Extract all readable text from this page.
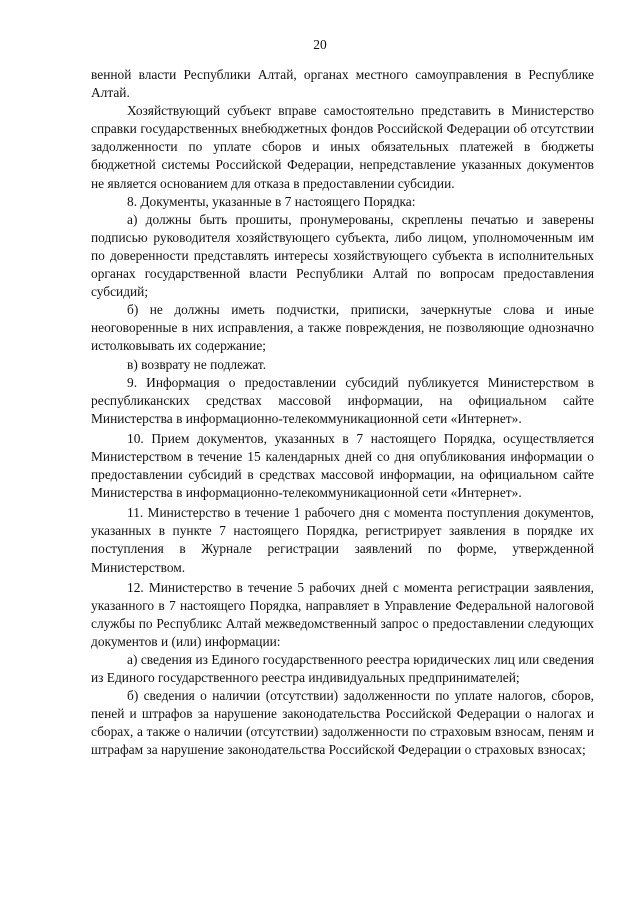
20

венной власти Республики Алтай, органах местного самоуправления в Республике Алтай.

Хозяйствующий субъект вправе самостоятельно представить в Министерство справки государственных внебюджетных фондов Российской Федерации об отсутствии задолженности по уплате сборов и иных обязательных платежей в бюджеты бюджетной системы Российской Федерации, непредставление указанных документов не является основанием для отказа в предоставлении субсидии.

8. Документы, указанные в 7 настоящего Порядка:

а) должны быть прошиты, пронумерованы, скреплены печатью и заверены подписью руководителя хозяйствующего субъекта, либо лицом, уполномоченным им по доверенности представлять интересы хозяйствующего субъекта в исполнительных органах государственной власти Республики Алтай по вопросам предоставления субсидий;

б) не должны иметь подчистки, приписки, зачеркнутые слова и иные неоговоренные в них исправления, а также повреждения, не позволяющие однозначно истолковывать их содержание;

в) возврату не подлежат.

9. Информация о предоставлении субсидий публикуется Министерством в республиканских средствах массовой информации, на официальном сайте Министерства в информационно-телекоммуникационной сети «Интернет».

10. Прием документов, указанных в 7 настоящего Порядка, осуществляется Министерством в течение 15 календарных дней со дня опубликования информации о предоставлении субсидий в средствах массовой информации, на официальном сайте Министерства в информационно-телекоммуникационной сети «Интернет».

11. Министерство в течение 1 рабочего дня с момента поступления документов, указанных в пункте 7 настоящего Порядка, регистрирует заявления в порядке их поступления в Журнале регистрации заявлений по форме, утвержденной Министерством.

12. Министерство в течение 5 рабочих дней с момента регистрации заявления, указанного в 7 настоящего Порядка, направляет в Управление Федеральной налоговой службы по Республикс Алтай межведомственный запрос о предоставлении следующих документов и (или) информации:

а) сведения из Единого государственного реестра юридических лиц или сведения из Единого государственного реестра индивидуальных предпринимателей;

б) сведения о наличии (отсутствии) задолженности по уплате налогов, сборов, пеней и штрафов за нарушение законодательства Российской Федерации о налогах и сборах, а также о наличии (отсутствии) задолженности по страховым взносам, пеням и штрафам за нарушение законодательства Российской Федерации о страховых взносах;
